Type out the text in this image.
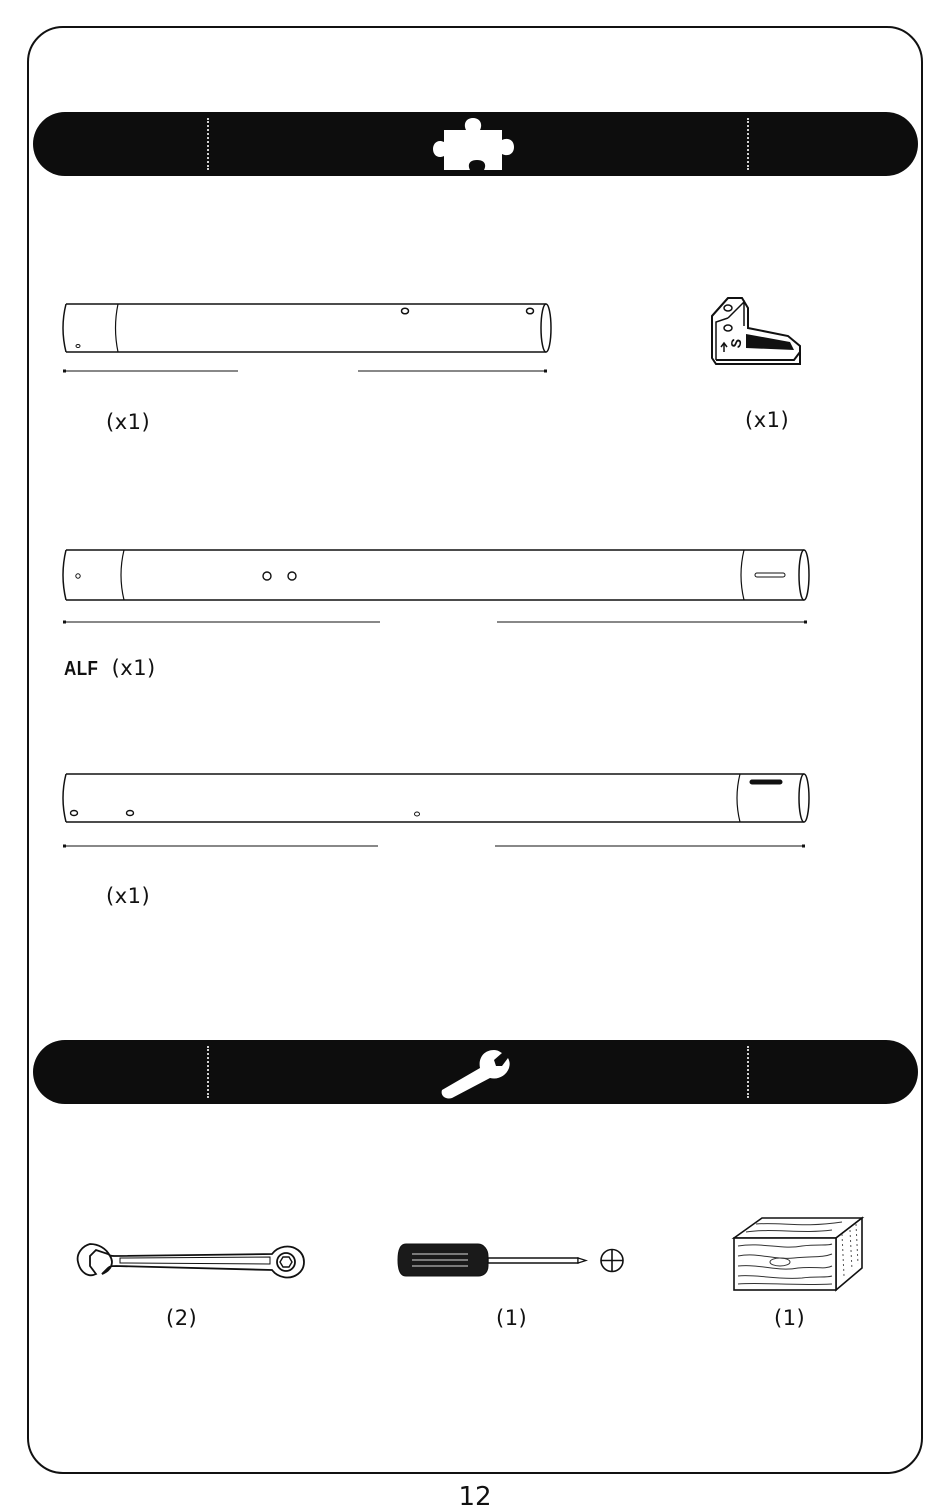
(x1)
S
(x1)
ALF (x1)
(x1)
(2)	(1)	(1)
12
